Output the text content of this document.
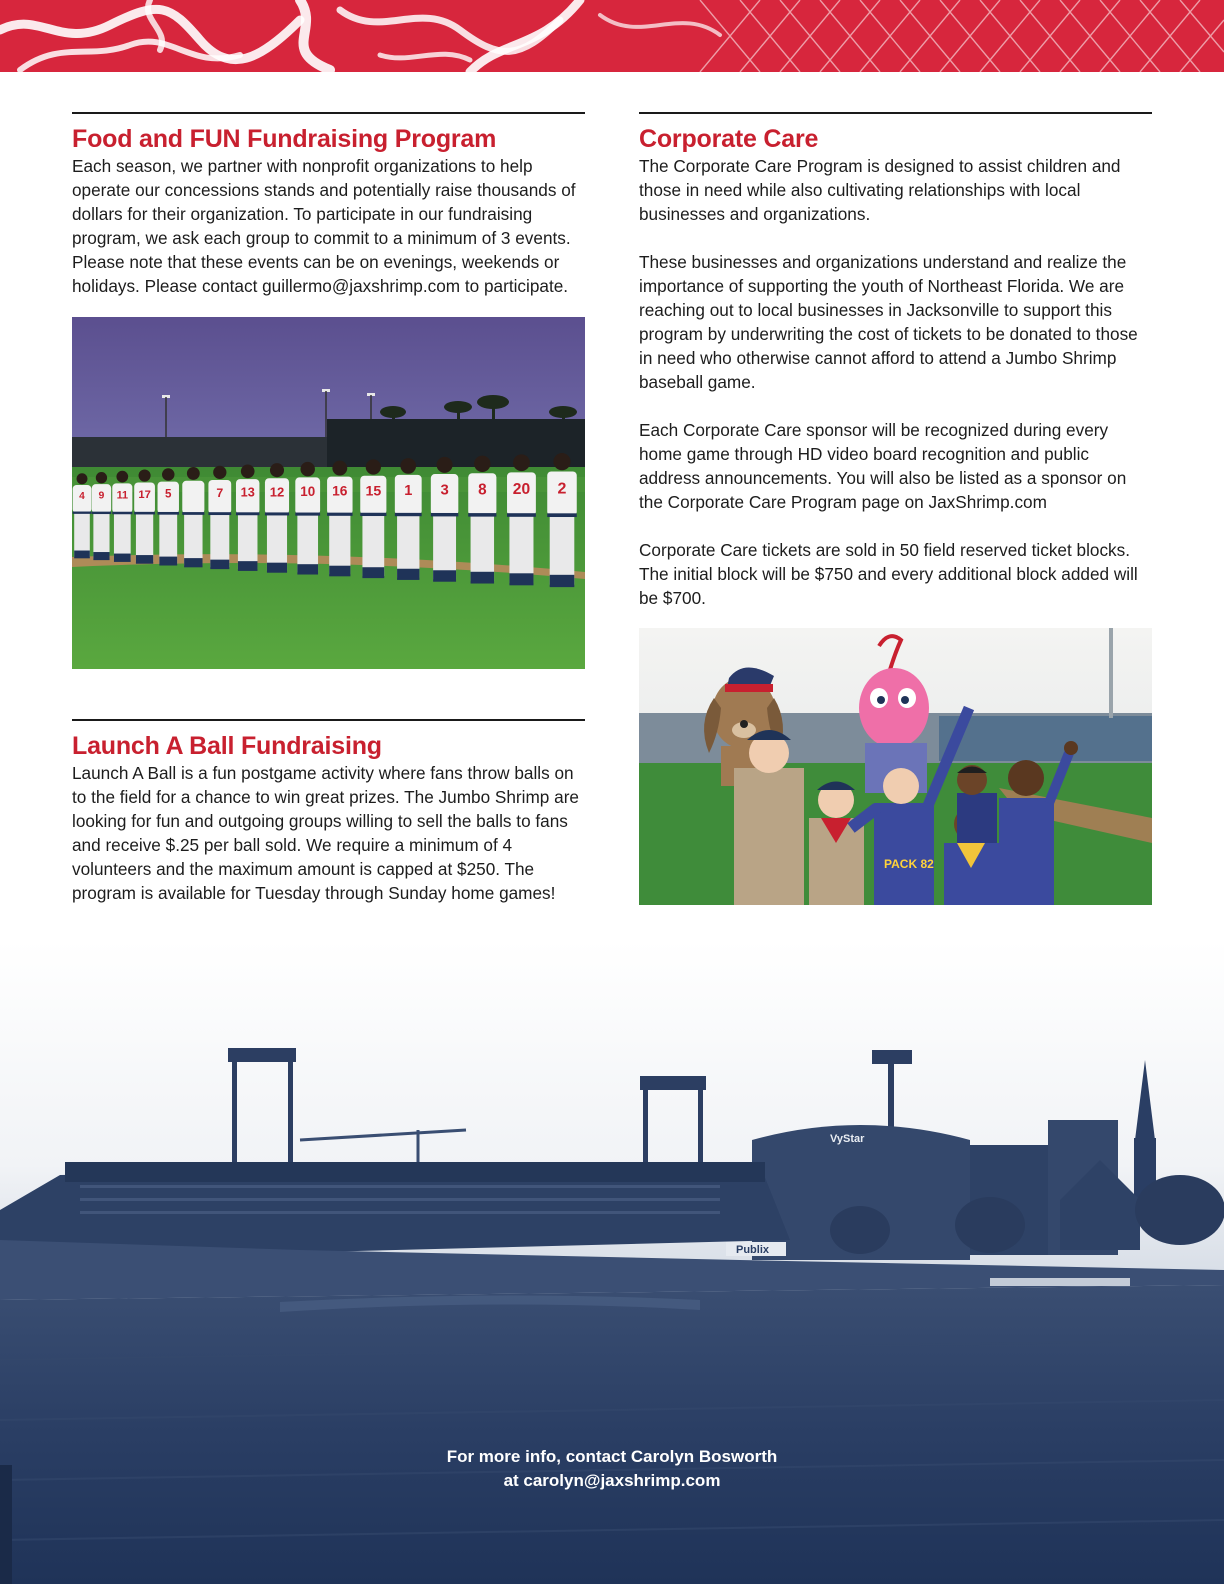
Food and FUN Fundraising Program

Each season, we partner with nonprofit organizations to help operate our concessions stands and potentially raise thousands of dollars for their organization. To participate in our fundraising program, we ask each group to commit to a minimum of 3 events. Please note that these events can be on evenings, weekends or holidays. Please contact guillermo@jaxshrimp.com to participate.

4 9 11 17 5	7 13 12 10 16 15 1 3 8 20 2
Launch A Ball Fundraising

Launch A Ball is a fun postgame activity where fans throw balls on to the field for a chance to win great prizes. The Jumbo Shrimp are looking for fun and outgoing groups willing to sell the balls to fans and receive $.25 per ball sold. We require a minimum of 4 volunteers and the maximum amount is capped at $250. The program is available for Tuesday through Sunday home games!

Corporate Care

The Corporate Care Program is designed to assist children and those in need while also cultivating relationships with local businesses and organizations.

These businesses and organizations understand and realize the importance of supporting the youth of Northeast Florida. We are reaching out to local businesses in Jacksonville to support this program by underwriting the cost of tickets to be donated to those in need who otherwise cannot afford to attend a Jumbo Shrimp baseball game.

Each Corporate Care sponsor will be recognized during every home game through HD video board recognition and public address announcements. You will also be listed as a sponsor on the Corporate Care Program page on JaxShrimp.com

Corporate Care tickets are sold in 50 field reserved ticket blocks. The initial block will be $750 and every additional block added will be $700.

PACK 82
VyStar
Publix
For more info, contact Carolyn Bosworth
at carolyn@jaxshrimp.com
